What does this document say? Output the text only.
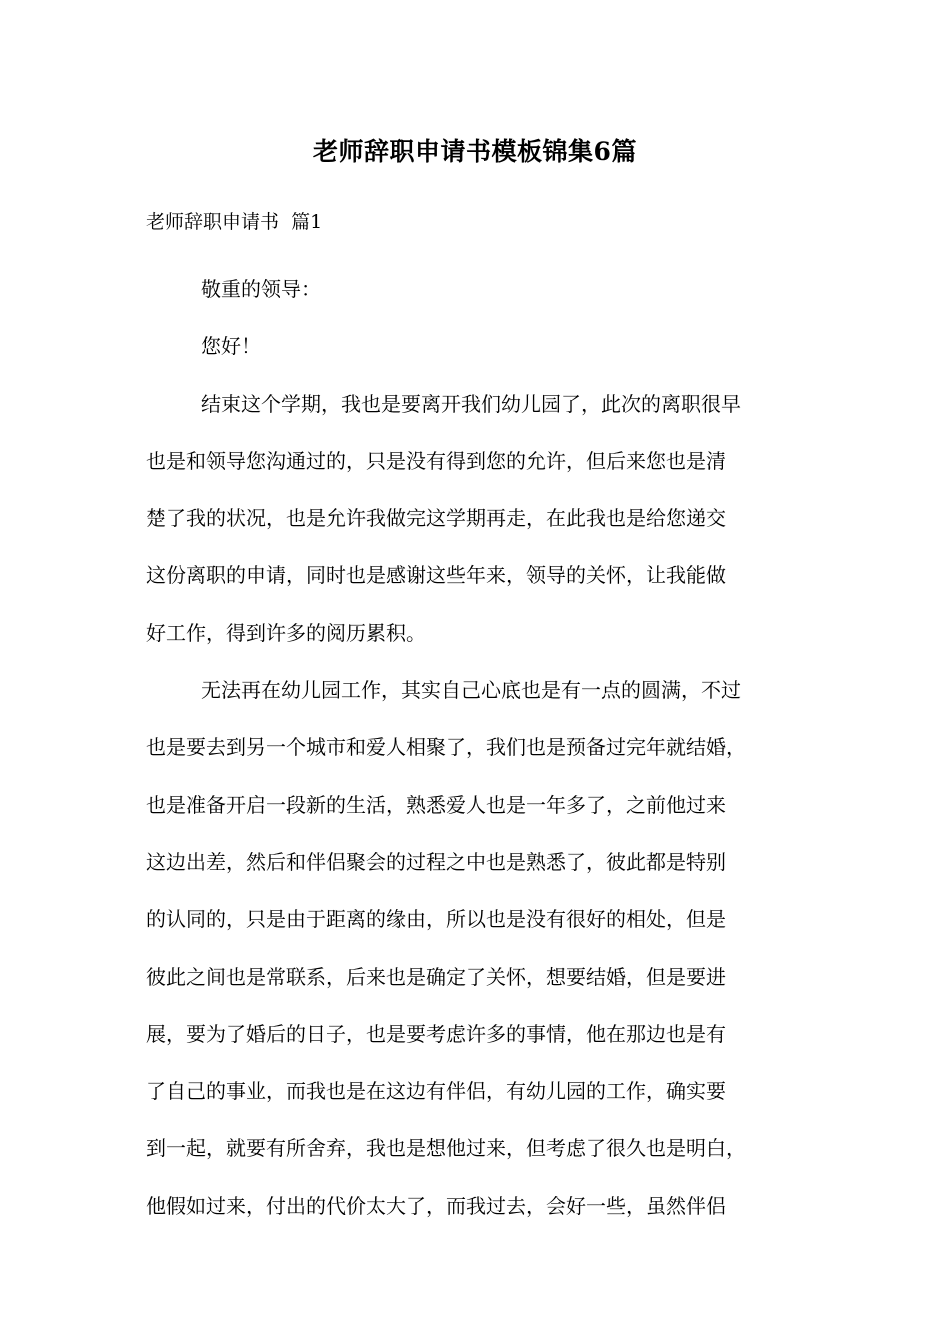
老师辞职申请书模板锦集6篇
老师辞职申请书  篇1

敬重的领导：

您好！

结束这个学期，我也是要离开我们幼儿园了，此次的离职很早
也是和领导您沟通过的，只是没有得到您的允许，但后来您也是清
楚了我的状况，也是允许我做完这学期再走，在此我也是给您递交
这份离职的申请，同时也是感谢这些年来，领导的关怀，让我能做
好工作，得到许多的阅历累积。

无法再在幼儿园工作，其实自己心底也是有一点的圆满，不过
也是要去到另一个城市和爱人相聚了，我们也是预备过完年就结婚，
也是准备开启一段新的生活，熟悉爱人也是一年多了，之前他过来
这边出差，然后和伴侣聚会的过程之中也是熟悉了，彼此都是特别
的认同的，只是由于距离的缘由，所以也是没有很好的相处，但是
彼此之间也是常联系，后来也是确定了关怀，想要结婚，但是要进
展，要为了婚后的日子，也是要考虑许多的事情，他在那边也是有
了自己的事业，而我也是在这边有伴侣，有幼儿园的工作，确实要
到一起，就要有所舍弃，我也是想他过来，但考虑了很久也是明白，
他假如过来，付出的代价太大了，而我过去，会好一些，虽然伴侣
